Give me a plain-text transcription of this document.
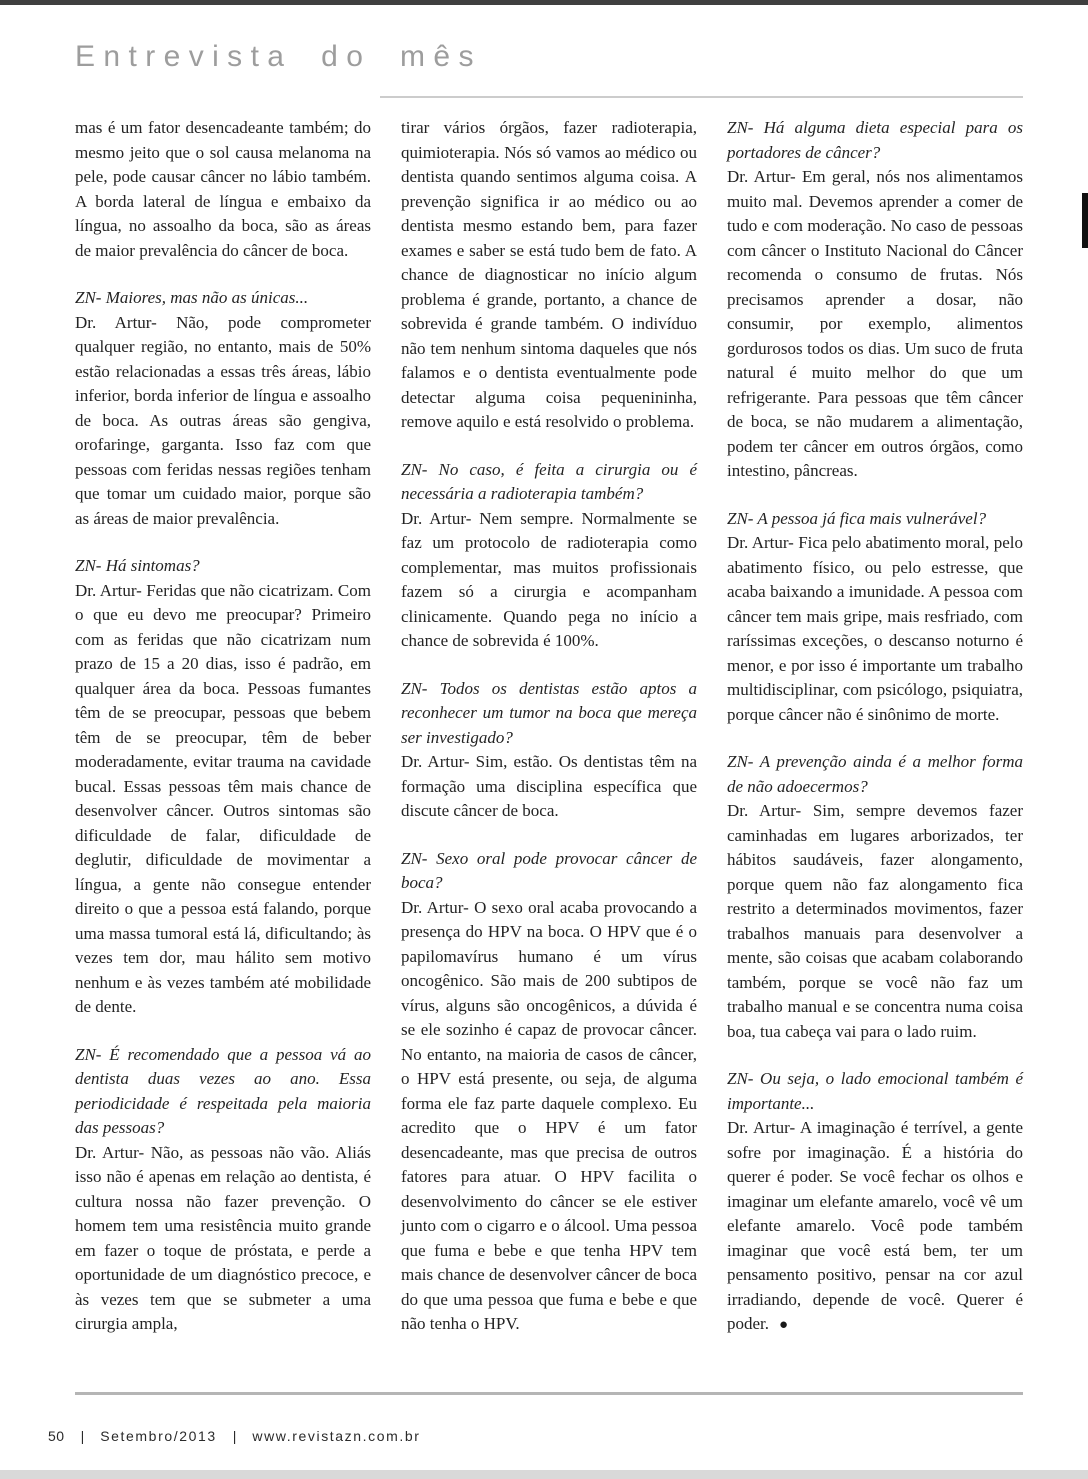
Entrevista do mês

mas é um fator desencadeante também; do mesmo jeito que o sol causa melanoma na pele, pode causar câncer no lábio também. A borda lateral de língua e embaixo da língua, no assoalho da boca, são as áreas de maior prevalência do câncer de boca.

ZN- Maiores, mas não as únicas...

Dr. Artur- Não, pode comprometer qualquer região, no entanto, mais de 50% estão relacionadas a essas três áreas, lábio inferior, borda inferior de língua e assoalho de boca. As outras áreas são gengiva, orofaringe, garganta. Isso faz com que pessoas com feridas nessas regiões tenham que tomar um cuidado maior, porque são as áreas de maior prevalência.

ZN- Há sintomas?

Dr. Artur- Feridas que não cicatrizam. Com o que eu devo me preocupar? Primeiro com as feridas que não cicatrizam num prazo de 15 a 20 dias, isso é padrão, em qualquer área da boca. Pessoas fumantes têm de se preocupar, pessoas que bebem têm de se preocupar, têm de beber moderadamente, evitar trauma na cavidade bucal. Essas pessoas têm mais chance de desenvolver câncer. Outros sintomas são dificuldade de falar, dificuldade de deglutir, dificuldade de movimentar a língua, a gente não consegue entender direito o que a pessoa está falando, porque uma massa tumoral está lá, dificultando; às vezes tem dor, mau hálito sem motivo nenhum e às vezes também até mobilidade de dente.

ZN- É recomendado que a pessoa vá ao dentista duas vezes ao ano. Essa periodicidade é respeitada pela maioria das pessoas?

Dr. Artur- Não, as pessoas não vão. Aliás isso não é apenas em relação ao dentista, é cultura nossa não fazer prevenção. O homem tem uma resistência muito grande em fazer o toque de próstata, e perde a oportunidade de um diagnóstico precoce, e às vezes tem que se submeter a uma cirurgia ampla,

tirar vários órgãos, fazer radioterapia, quimioterapia. Nós só vamos ao médico ou dentista quando sentimos alguma coisa. A prevenção significa ir ao médico ou ao dentista mesmo estando bem, para fazer exames e saber se está tudo bem de fato. A chance de diagnosticar no início algum problema é grande, portanto, a chance de sobrevida é grande também. O indivíduo não tem nenhum sintoma daqueles que nós falamos e o dentista eventualmente pode detectar alguma coisa pequenininha, remove aquilo e está resolvido o problema.

ZN- No caso, é feita a cirurgia ou é necessária a radioterapia também?

Dr. Artur- Nem sempre. Normalmente se faz um protocolo de radioterapia como complementar, mas muitos profissionais fazem só a cirurgia e acompanham clinicamente. Quando pega no início a chance de sobrevida é 100%.

ZN- Todos os dentistas estão aptos a reconhecer um tumor na boca que mereça ser investigado?

Dr. Artur- Sim, estão. Os dentistas têm na formação uma disciplina específica que discute câncer de boca.

ZN- Sexo oral pode provocar câncer de boca?

Dr. Artur- O sexo oral acaba provocando a presença do HPV na boca. O HPV que é o papilomavírus humano é um vírus oncogênico. São mais de 200 subtipos de vírus, alguns são oncogênicos, a dúvida é se ele sozinho é capaz de provocar câncer. No entanto, na maioria de casos de câncer, o HPV está presente, ou seja, de alguma forma ele faz parte daquele complexo. Eu acredito que o HPV é um fator desencadeante, mas que precisa de outros fatores para atuar. O HPV facilita o desenvolvimento do câncer se ele estiver junto com o cigarro e o álcool. Uma pessoa que fuma e bebe e que tenha HPV tem mais chance de desenvolver câncer de boca do que uma pessoa que fuma e bebe e que não tenha o HPV.

ZN- Há alguma dieta especial para os portadores de câncer?

Dr. Artur- Em geral, nós nos alimentamos muito mal. Devemos aprender a comer de tudo e com moderação. No caso de pessoas com câncer o Instituto Nacional do Câncer recomenda o consumo de frutas. Nós precisamos aprender a dosar, não consumir, por exemplo, alimentos gordurosos todos os dias. Um suco de fruta natural é muito melhor do que um refrigerante. Para pessoas que têm câncer de boca, se não mudarem a alimentação, podem ter câncer em outros órgãos, como intestino, pâncreas.

ZN- A pessoa já fica mais vulnerável?

Dr. Artur- Fica pelo abatimento moral, pelo abatimento físico, ou pelo estresse, que acaba baixando a imunidade. A pessoa com câncer tem mais gripe, mais resfriado, com raríssimas exceções, o descanso noturno é menor, e por isso é importante um trabalho multidisciplinar, com psicólogo, psiquiatra, porque câncer não é sinônimo de morte.

ZN- A prevenção ainda é a melhor forma de não adoecermos?

Dr. Artur- Sim, sempre devemos fazer caminhadas em lugares arborizados, ter hábitos saudáveis, fazer alongamento, porque quem não faz alongamento fica restrito a determinados movimentos, fazer trabalhos manuais para desenvolver a mente, são coisas que acabam colaborando também, porque se você não faz um trabalho manual e se concentra numa coisa boa, tua cabeça vai para o lado ruim.

ZN- Ou seja, o lado emocional também é importante...

Dr. Artur- A imaginação é terrível, a gente sofre por imaginação. É a história do querer é poder. Se você fechar os olhos e imaginar um elefante amarelo, você vê um elefante amarelo. Você pode também imaginar que você está bem, ter um pensamento positivo, pensar na cor azul irradiando, depende de você. Querer é poder. ●

50 | Setembro/2013 | www.revistazn.com.br
